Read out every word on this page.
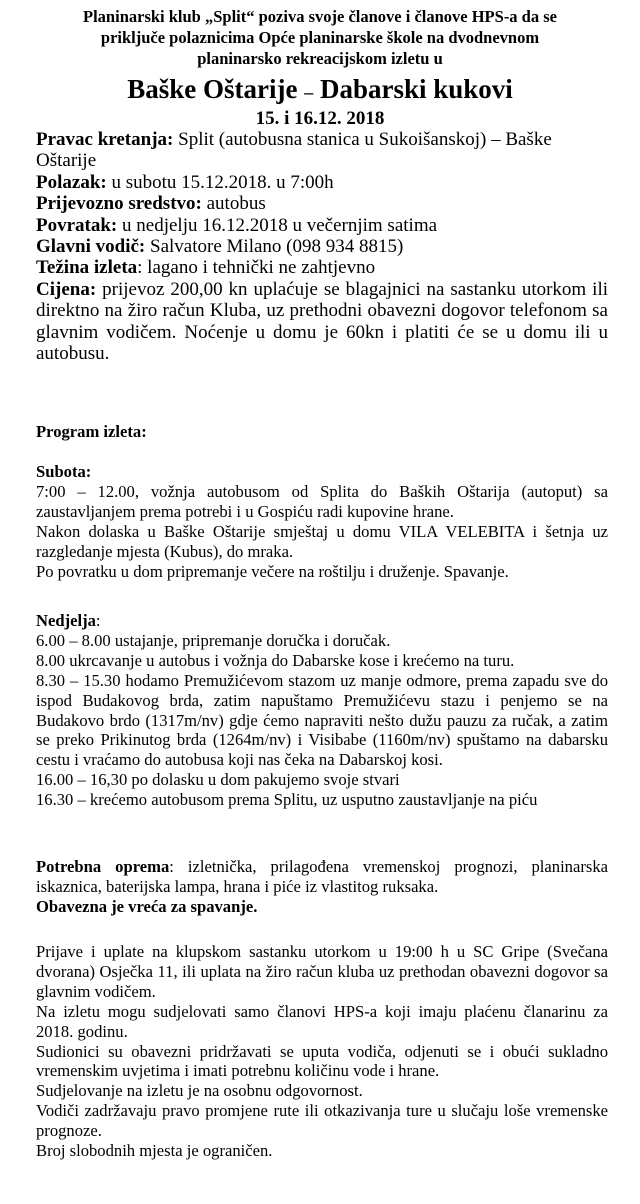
Planinarski klub „Split“ poziva svoje članove i članove HPS-a da se
priključe polaznicima Opće planinarske škole na dvodnevnom
planinarsko rekreacijskom izletu u
Baške Oštarije – Dabarski kukovi
15. i 16.12. 2018

Pravac kretanja: Split (autobusna stanica u Sukoišanskoj) – Baške Oštarije

Polazak: u subotu 15.12.2018. u 7:00h

Prijevozno sredstvo: autobus

Povratak: u nedjelju 16.12.2018 u večernjim satima

Glavni vodič: Salvatore Milano (098 934 8815)

Težina izleta: lagano i tehnički ne zahtjevno

Cijena: prijevoz 200,00 kn uplaćuje se blagajnici na sastanku utorkom ili direktno na žiro račun Kluba, uz prethodni obavezni dogovor telefonom sa glavnim vodičem. Noćenje u domu je 60kn i platiti će se u domu ili u autobusu.

Program izleta:

Subota:

7:00 – 12.00, vožnja autobusom od Splita do Baških Oštarija (autoput) sa zaustavljanjem prema potrebi i u Gospiću radi kupovine hrane.

Nakon dolaska u Baške Oštarije smještaj u domu VILA VELEBITA i šetnja uz razgledanje mjesta (Kubus), do mraka.

Po povratku u dom pripremanje večere na roštilju i druženje. Spavanje.

Nedjelja:

6.00 – 8.00 ustajanje, pripremanje doručka i doručak.

8.00 ukrcavanje u autobus i vožnja do Dabarske kose i krećemo na turu.

8.30 – 15.30 hodamo Premužićevom stazom uz manje odmore, prema zapadu sve do ispod Budakovog brda, zatim napuštamo Premužićevu stazu i penjemo se na Budakovo brdo (1317m/nv) gdje ćemo napraviti nešto dužu pauzu za ručak, a zatim se preko Prikinutog brda (1264m/nv) i Visibabe (1160m/nv) spuštamo na dabarsku cestu i vraćamo do autobusa koji nas čeka na Dabarskoj kosi.

16.00 – 16,30 po dolasku u dom pakujemo svoje stvari

16.30 – krećemo autobusom prema Splitu, uz usputno zaustavljanje na piću

Potrebna oprema: izletnička, prilagođena vremenskoj prognozi, planinarska iskaznica, baterijska lampa, hrana i piće iz vlastitog ruksaka.

Obavezna je vreća za spavanje.

Prijave i uplate na klupskom sastanku utorkom u 19:00 h u SC Gripe (Svečana dvorana) Osječka 11, ili uplata na žiro račun kluba uz prethodan obavezni dogovor sa glavnim vodičem.

Na izletu mogu sudjelovati samo članovi HPS-a koji imaju plaćenu članarinu za 2018. godinu.

Sudionici su obavezni pridržavati se uputa vodiča, odjenuti se i obući sukladno vremenskim uvjetima i imati potrebnu količinu vode i hrane.

Sudjelovanje na izletu je na osobnu odgovornost.

Vodiči zadržavaju pravo promjene rute ili otkazivanja ture u slučaju loše vremenske prognoze.

Broj slobodnih mjesta je ograničen.
